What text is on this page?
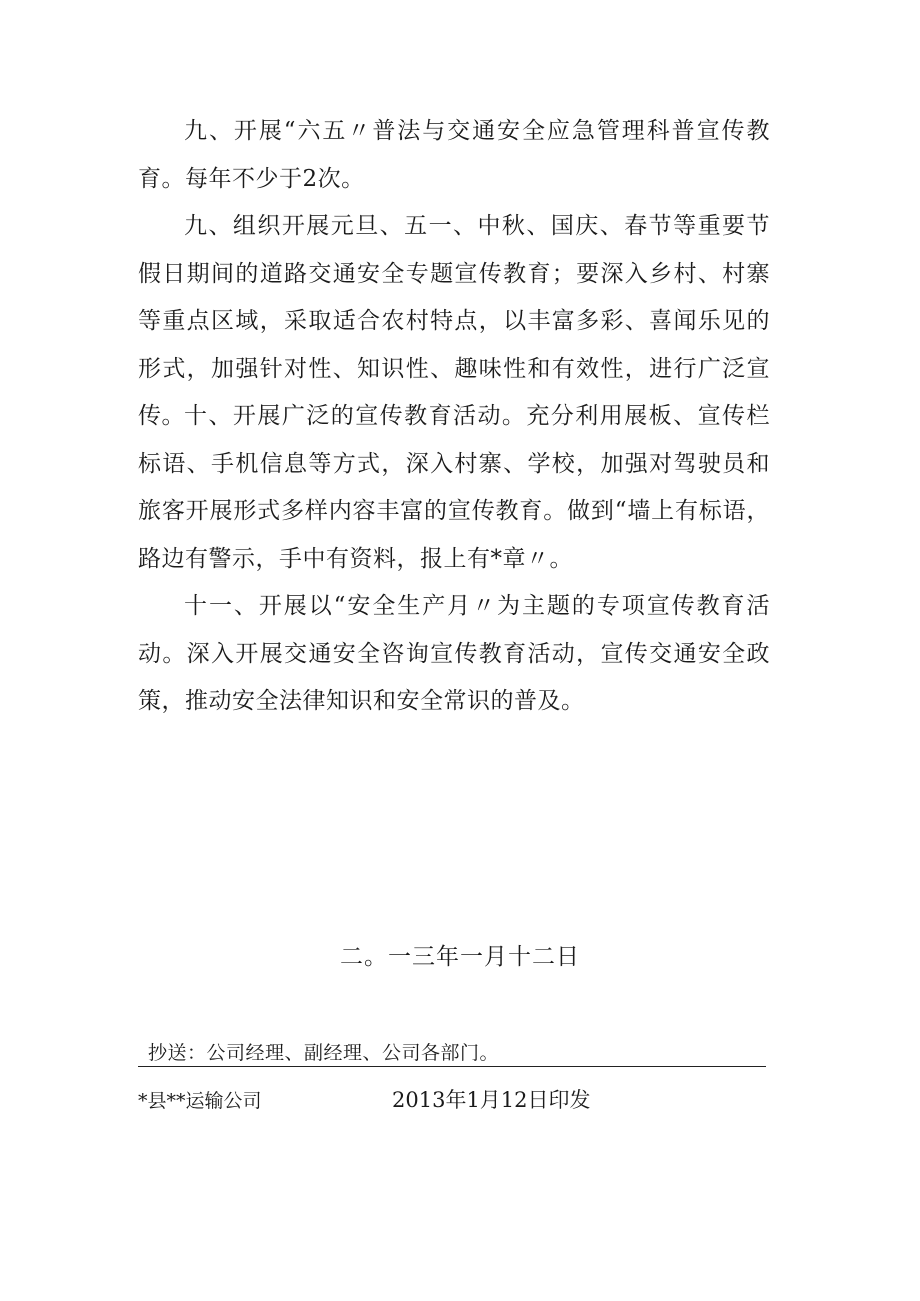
九、开展“六五〃普法与交通安全应急管理科普宣传教育。每年不少于2次。

九、组织开展元旦、五一、中秋、国庆、春节等重要节假日期间的道路交通安全专题宣传教育；要深入乡村、村寨等重点区域，采取适合农村特点，以丰富多彩、喜闻乐见的形式，加强针对性、知识性、趣味性和有效性，进行广泛宣传。 十、开展广泛的宣传教育活动。充分利用展板、宣传栏标语、手机信息等方式，深入村寨、学校，加强对驾驶员和旅客开展形式多样内容丰富的宣传教育。做到“墙上有标语，路边有警示，手中有资料，报上有*章〃。

十一、开展以“安全生产月〃为主题的专项宣传教育活动。深入开展交通安全咨询宣传教育活动，宣传交通安全政策，推动安全法律知识和安全常识的普及。

二。一三年一月十二日
抄送：公司经理、副经理、公司各部门。
*县**运输公司	2013年1月12日印发
